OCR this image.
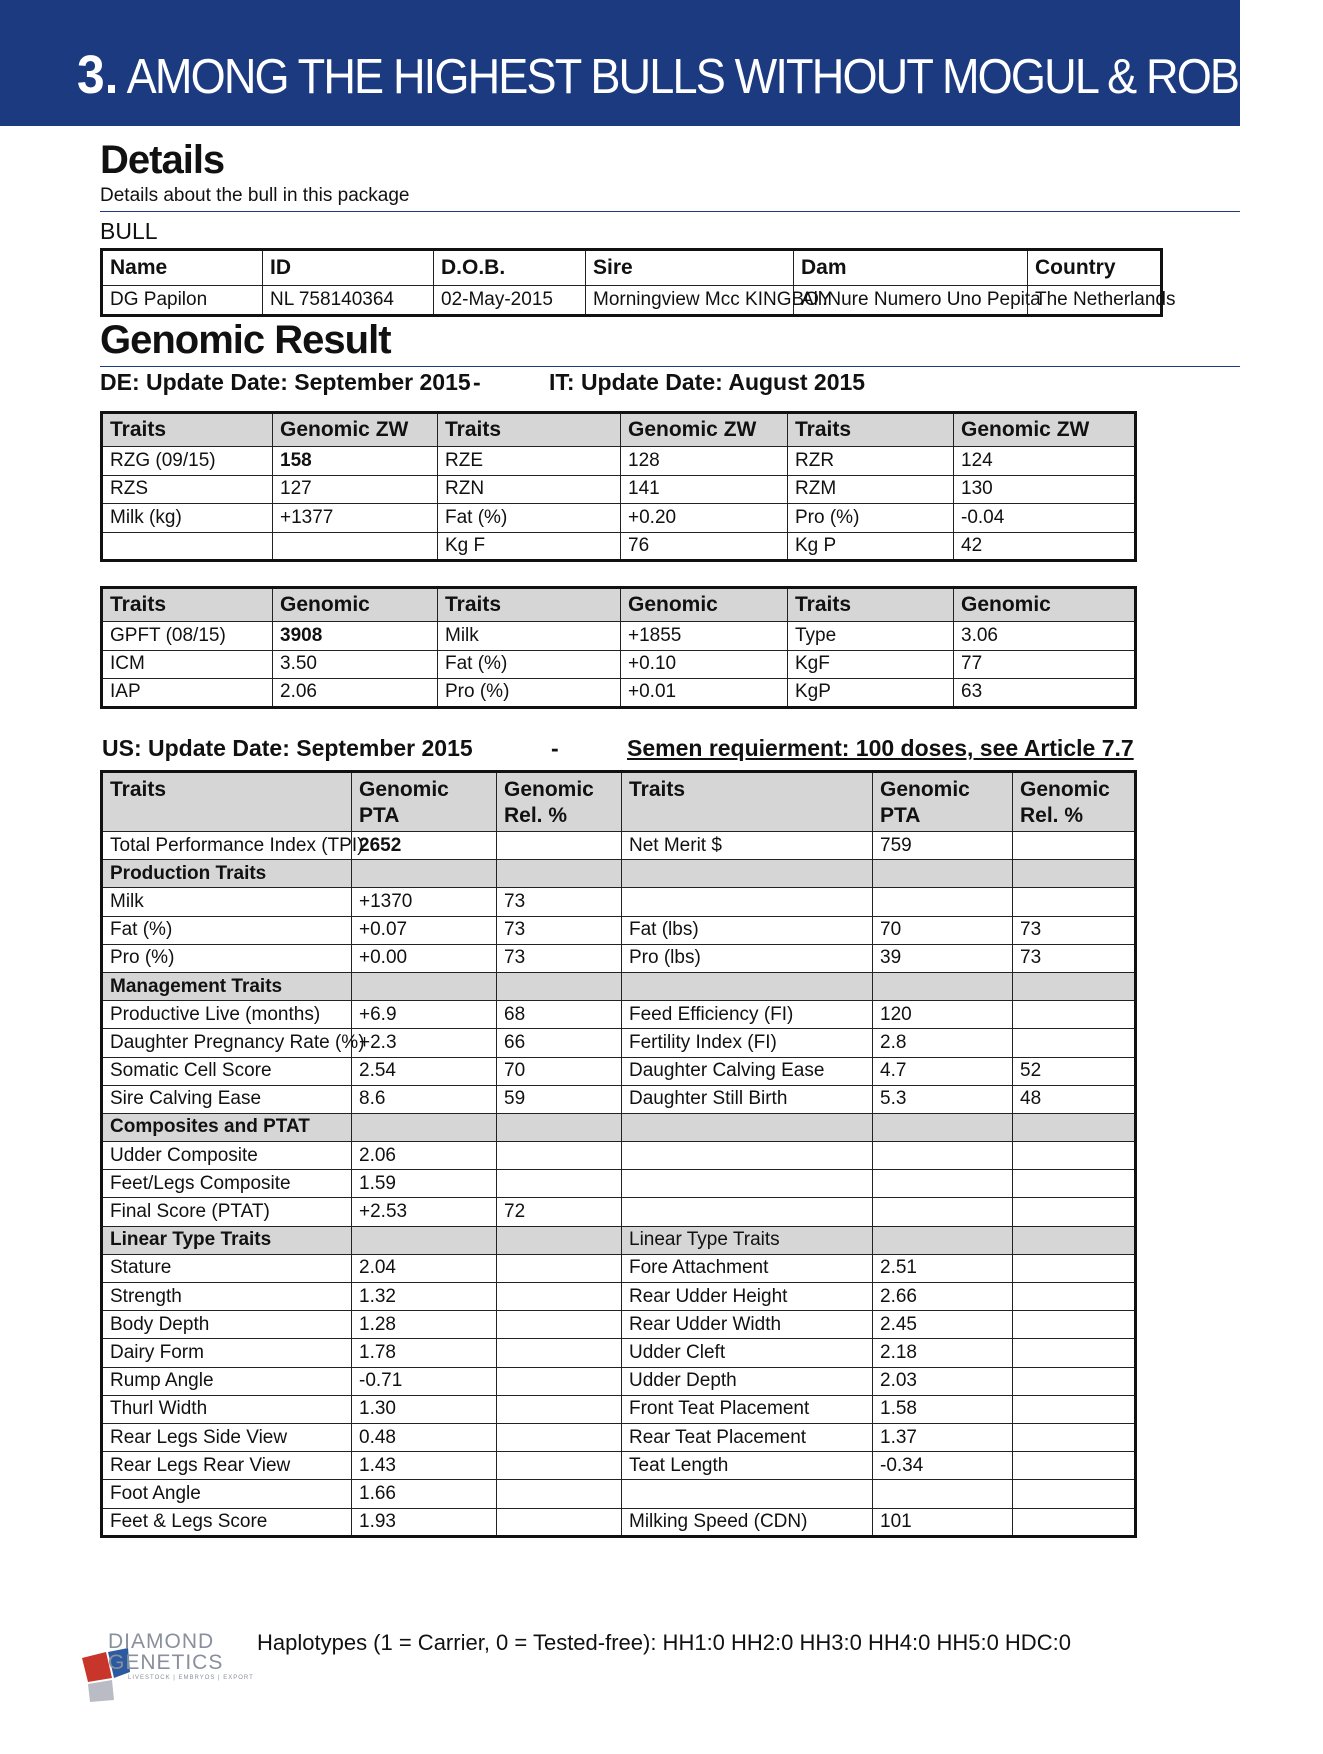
3. AMONG THE HIGHEST BULLS WITHOUT MOGUL & ROBUST
Details
Details about the bull in this package
BULL
Name	ID	D.O.B.	Sire	Dam	Country
DG Papilon	NL 758140364	02-May-2015	Morningview Mcc KINGBOY	All.Nure Numero Uno Pepita	The Netherlands
Genomic Result
DE: Update Date: September 2015 -	IT: Update Date: August 2015
Traits	Genomic ZW	Traits	Genomic ZW	Traits	Genomic ZW
RZG (09/15)	158	RZE	128	RZR	124
RZS	127	RZN	141	RZM	130
Milk (kg)	+1377	Fat (%)	+0.20	Pro (%)	-0.04
		Kg F	76	Kg P	42
Traits	Genomic	Traits	Genomic	Traits	Genomic
GPFT (08/15)	3908	Milk	+1855	Type	3.06
ICM	3.50	Fat (%)	+0.10	KgF	77
IAP	2.06	Pro (%)	+0.01	KgP	63
US: Update Date: September 2015	-	Semen requierment: 100 doses, see Article 7.7
Traits	Genomic PTA	Genomic Rel. %	Traits	Genomic PTA	Genomic Rel. %
Total Performance Index (TPI)	2652		Net Merit $	759	
Production Traits					
Milk	+1370	73			
Fat (%)	+0.07	73	Fat (lbs)	70	73
Pro (%)	+0.00	73	Pro (lbs)	39	73
Management Traits					
Productive Live (months)	+6.9	68	Feed Efficiency (FI)	120	
Daughter Pregnancy Rate (%)	+2.3	66	Fertility Index (FI)	2.8	
Somatic Cell Score	2.54	70	Daughter Calving Ease	4.7	52
Sire Calving Ease	8.6	59	Daughter Still Birth	5.3	48
Composites and PTAT					
Udder Composite	2.06				
Feet/Legs Composite	1.59				
Final Score (PTAT)	+2.53	72			
Linear Type Traits			Linear Type Traits		
Stature	2.04		Fore Attachment	2.51	
Strength	1.32		Rear Udder Height	2.66	
Body Depth	1.28		Rear Udder Width	2.45	
Dairy Form	1.78		Udder Cleft	2.18	
Rump Angle	-0.71		Udder Depth	2.03	
Thurl Width	1.30		Front Teat Placement	1.58	
Rear Legs Side View	0.48		Rear Teat Placement	1.37	
Rear Legs Rear View	1.43		Teat Length	-0.34	
Foot Angle	1.66				
Feet & Legs Score	1.93		Milking Speed (CDN)	101	
DIAMOND
GENETICS
LIVESTOCK | EMBRYOS | EXPORT
Haplotypes (1 = Carrier, 0 = Tested-free): HH1:0 HH2:0 HH3:0 HH4:0 HH5:0 HDC:0
